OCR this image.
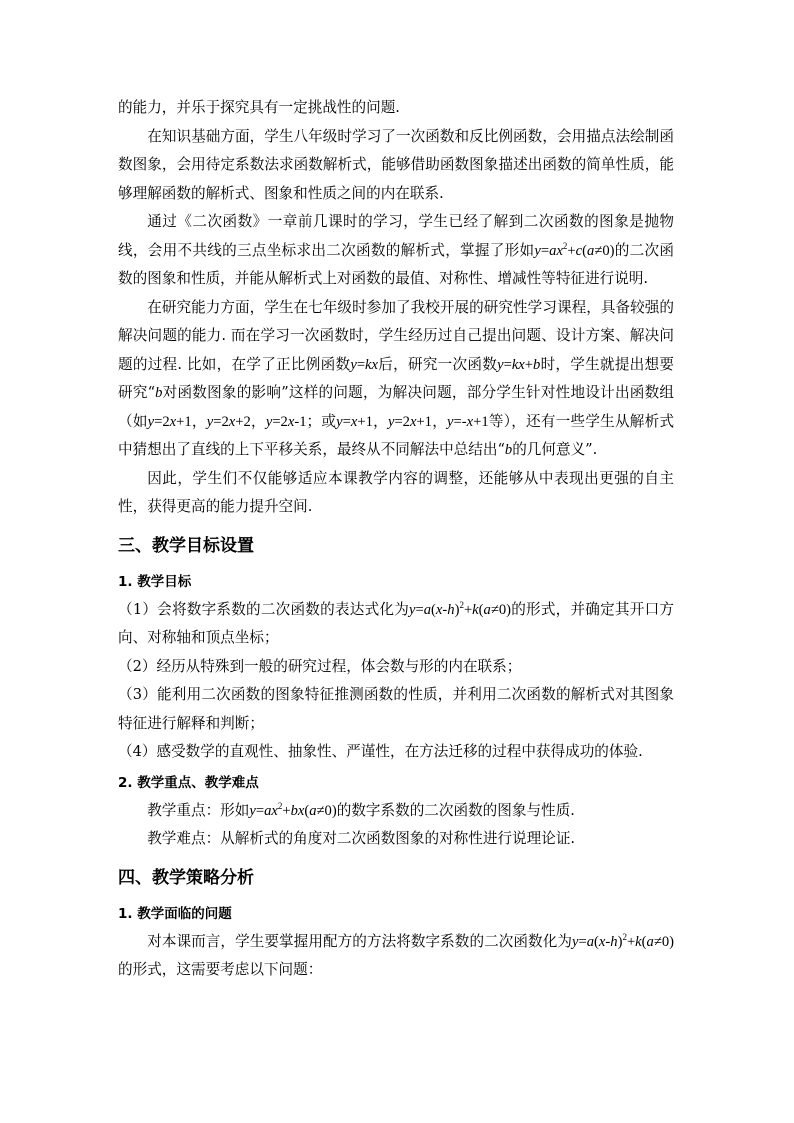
的能力，并乐于探究具有一定挑战性的问题.

在知识基础方面，学生八年级时学习了一次函数和反比例函数，会用描点法绘制函数图象，会用待定系数法求函数解析式，能够借助函数图象描述出函数的简单性质，能够理解函数的解析式、图象和性质之间的内在联系.

通过《二次函数》一章前几课时的学习，学生已经了解到二次函数的图象是抛物线，会用不共线的三点坐标求出二次函数的解析式，掌握了形如$y=ax^2+c(a\ne 0)$的二次函数的图象和性质，并能从解析式上对函数的最值、对称性、增减性等特征进行说明.

在研究能力方面，学生在七年级时参加了我校开展的研究性学习课程，具备较强的解决问题的能力. 而在学习一次函数时，学生经历过自己提出问题、设计方案、解决问题的过程. 比如，在学了正比例函数y=kx后，研究一次函数y=kx+b时，学生就提出想要研究“b对函数图象的影响”这样的问题，为解决问题，部分学生针对性地设计出函数组（如y=2x+1，y=2x+2，y=2x-1；或y=x+1，y=2x+1，y=-x+1等），还有一些学生从解析式中猜想出了直线的上下平移关系，最终从不同解法中总结出“b的几何意义”.

因此，学生们不仅能够适应本课教学内容的调整，还能够从中表现出更强的自主性，获得更高的能力提升空间.

三、教学目标设置
1. 教学目标

（1）会将数字系数的二次函数的表达式化为$y=a(x-h)^2+k(a\ne 0)$的形式，并确定其开口方向、对称轴和顶点坐标；

（2）经历从特殊到一般的研究过程，体会数与形的内在联系；

（3）能利用二次函数的图象特征推测函数的性质，并利用二次函数的解析式对其图象特征进行解释和判断；

（4）感受数学的直观性、抽象性、严谨性，在方法迁移的过程中获得成功的体验.

2. 教学重点、教学难点

教学重点：形如$y=ax^2+bx(a\ne 0)$的数字系数的二次函数的图象与性质.

教学难点：从解析式的角度对二次函数图象的对称性进行说理论证.

四、教学策略分析
1. 教学面临的问题

对本课而言，学生要掌握用配方的方法将数字系数的二次函数化为$y=a(x-h)^2+k(a\ne 0)$的形式，这需要考虑以下问题：
